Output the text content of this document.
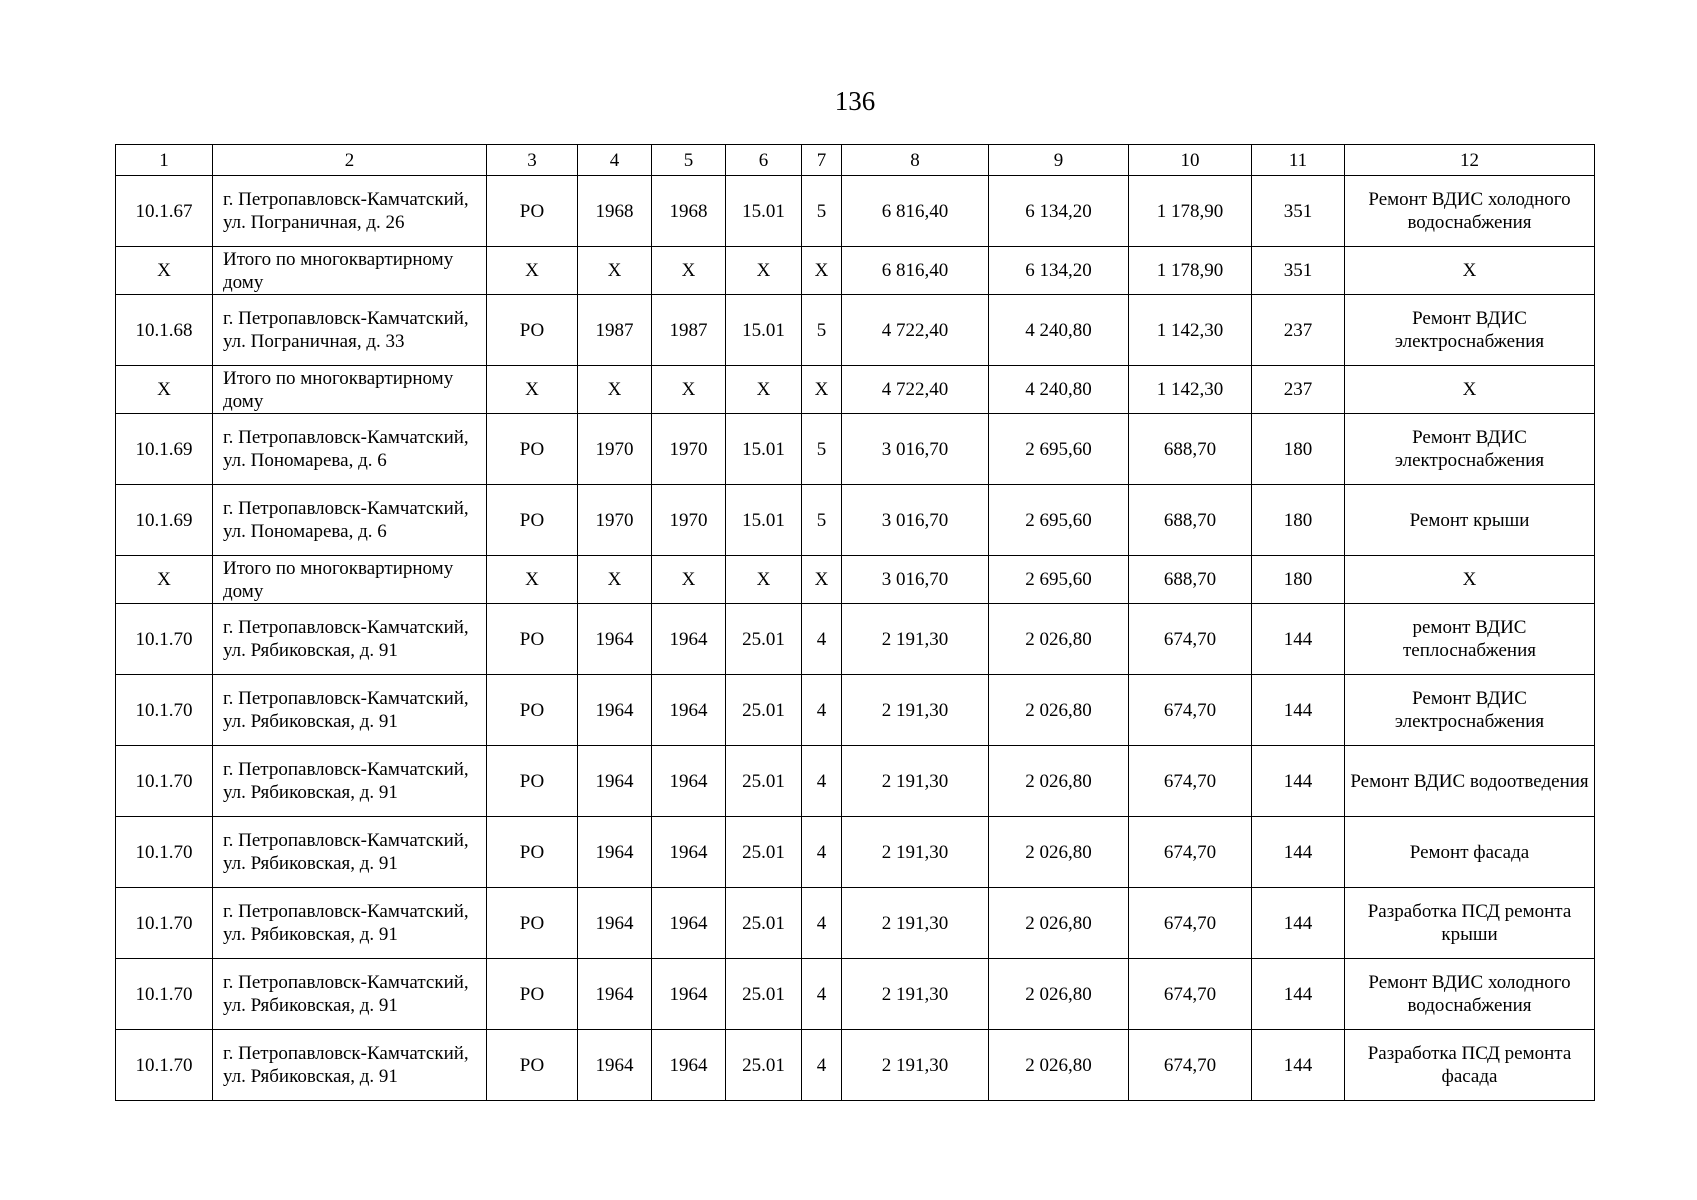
136
1	2	3	4	5	6	7	8	9	10	11	12
10.1.67	г. Петропавловск-Камчатский, ул. Пограничная, д. 26	РО	1968	1968	15.01	5	6 816,40	6 134,20	1 178,90	351	Ремонт ВДИС холодного водоснабжения
Х	Итого по многоквартирному дому	Х	Х	Х	Х	Х	6 816,40	6 134,20	1 178,90	351	Х
10.1.68	г. Петропавловск-Камчатский, ул. Пограничная, д. 33	РО	1987	1987	15.01	5	4 722,40	4 240,80	1 142,30	237	Ремонт ВДИС электроснабжения
Х	Итого по многоквартирному дому	Х	Х	Х	Х	Х	4 722,40	4 240,80	1 142,30	237	Х
10.1.69	г. Петропавловск-Камчатский, ул. Пономарева, д. 6	РО	1970	1970	15.01	5	3 016,70	2 695,60	688,70	180	Ремонт ВДИС электроснабжения
10.1.69	г. Петропавловск-Камчатский, ул. Пономарева, д. 6	РО	1970	1970	15.01	5	3 016,70	2 695,60	688,70	180	Ремонт крыши
Х	Итого по многоквартирному дому	Х	Х	Х	Х	Х	3 016,70	2 695,60	688,70	180	Х
10.1.70	г. Петропавловск-Камчатский, ул. Рябиковская, д. 91	РО	1964	1964	25.01	4	2 191,30	2 026,80	674,70	144	ремонт ВДИС теплоснабжения
10.1.70	г. Петропавловск-Камчатский, ул. Рябиковская, д. 91	РО	1964	1964	25.01	4	2 191,30	2 026,80	674,70	144	Ремонт ВДИС электроснабжения
10.1.70	г. Петропавловск-Камчатский, ул. Рябиковская, д. 91	РО	1964	1964	25.01	4	2 191,30	2 026,80	674,70	144	Ремонт ВДИС водоотведения
10.1.70	г. Петропавловск-Камчатский, ул. Рябиковская, д. 91	РО	1964	1964	25.01	4	2 191,30	2 026,80	674,70	144	Ремонт фасада
10.1.70	г. Петропавловск-Камчатский, ул. Рябиковская, д. 91	РО	1964	1964	25.01	4	2 191,30	2 026,80	674,70	144	Разработка ПСД ремонта крыши
10.1.70	г. Петропавловск-Камчатский, ул. Рябиковская, д. 91	РО	1964	1964	25.01	4	2 191,30	2 026,80	674,70	144	Ремонт ВДИС холодного водоснабжения
10.1.70	г. Петропавловск-Камчатский, ул. Рябиковская, д. 91	РО	1964	1964	25.01	4	2 191,30	2 026,80	674,70	144	Разработка ПСД ремонта фасада
